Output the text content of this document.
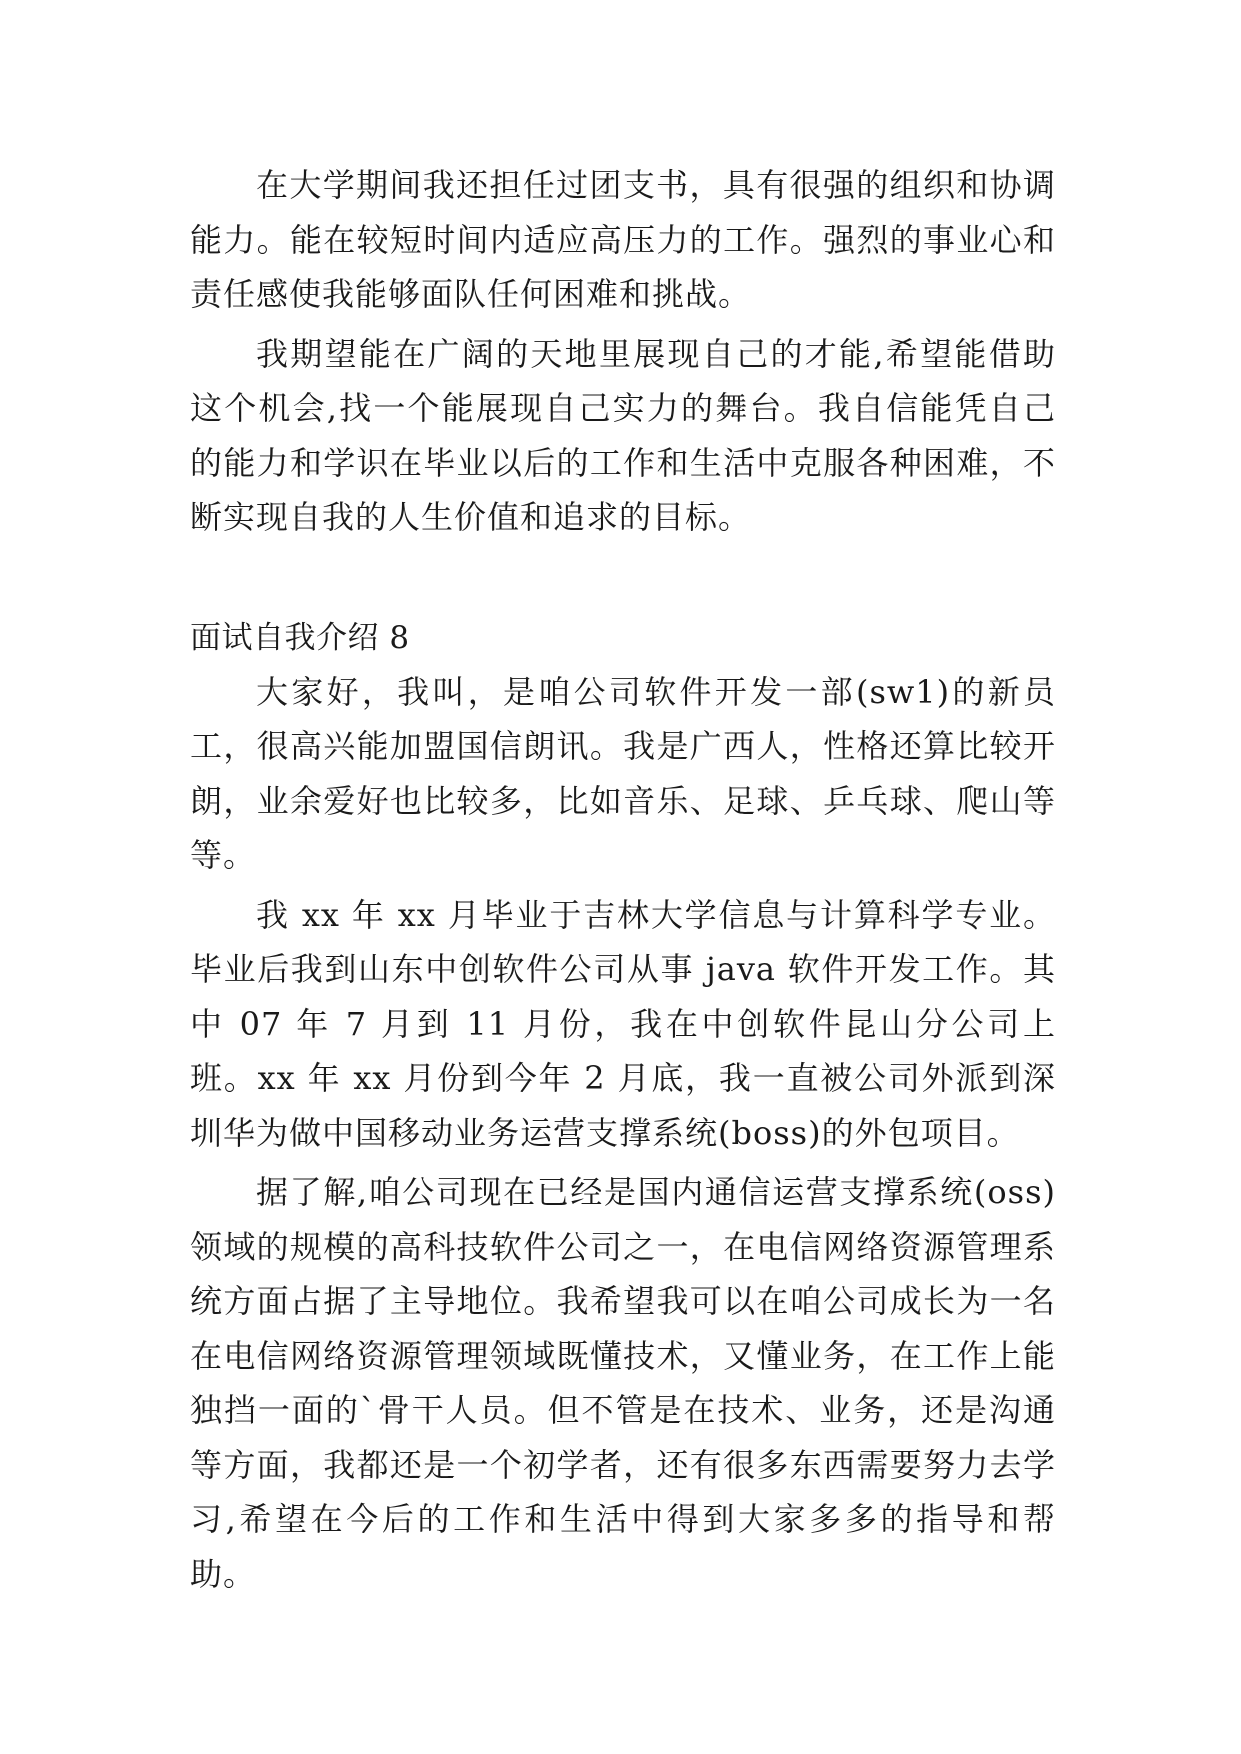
在大学期间我还担任过团支书，具有很强的组织和协调能力。能在较短时间内适应高压力的工作。强烈的事业心和责任感使我能够面队任何困难和挑战。

我期望能在广阔的天地里展现自己的才能,希望能借助这个机会,找一个能展现自己实力的舞台。我自信能凭自己的能力和学识在毕业以后的工作和生活中克服各种困难，不断实现自我的人生价值和追求的目标。

面试自我介绍 8

大家好，我叫，是咱公司软件开发一部(sw1)的新员工，很高兴能加盟国信朗讯。我是广西人，性格还算比较开朗，业余爱好也比较多，比如音乐、足球、乒乓球、爬山等等。

我 xx 年 xx 月毕业于吉林大学信息与计算科学专业。毕业后我到山东中创软件公司从事 java 软件开发工作。其中 07 年 7 月到 11 月份，我在中创软件昆山分公司上班。xx 年 xx 月份到今年 2 月底，我一直被公司外派到深圳华为做中国移动业务运营支撑系统(boss)的外包项目。

据了解,咱公司现在已经是国内通信运营支撑系统(oss)领域的规模的高科技软件公司之一，在电信网络资源管理系统方面占据了主导地位。我希望我可以在咱公司成长为一名在电信网络资源管理领域既懂技术，又懂业务，在工作上能独挡一面的`骨干人员。但不管是在技术、业务，还是沟通等方面，我都还是一个初学者，还有很多东西需要努力去学习,希望在今后的工作和生活中得到大家多多的指导和帮助。
